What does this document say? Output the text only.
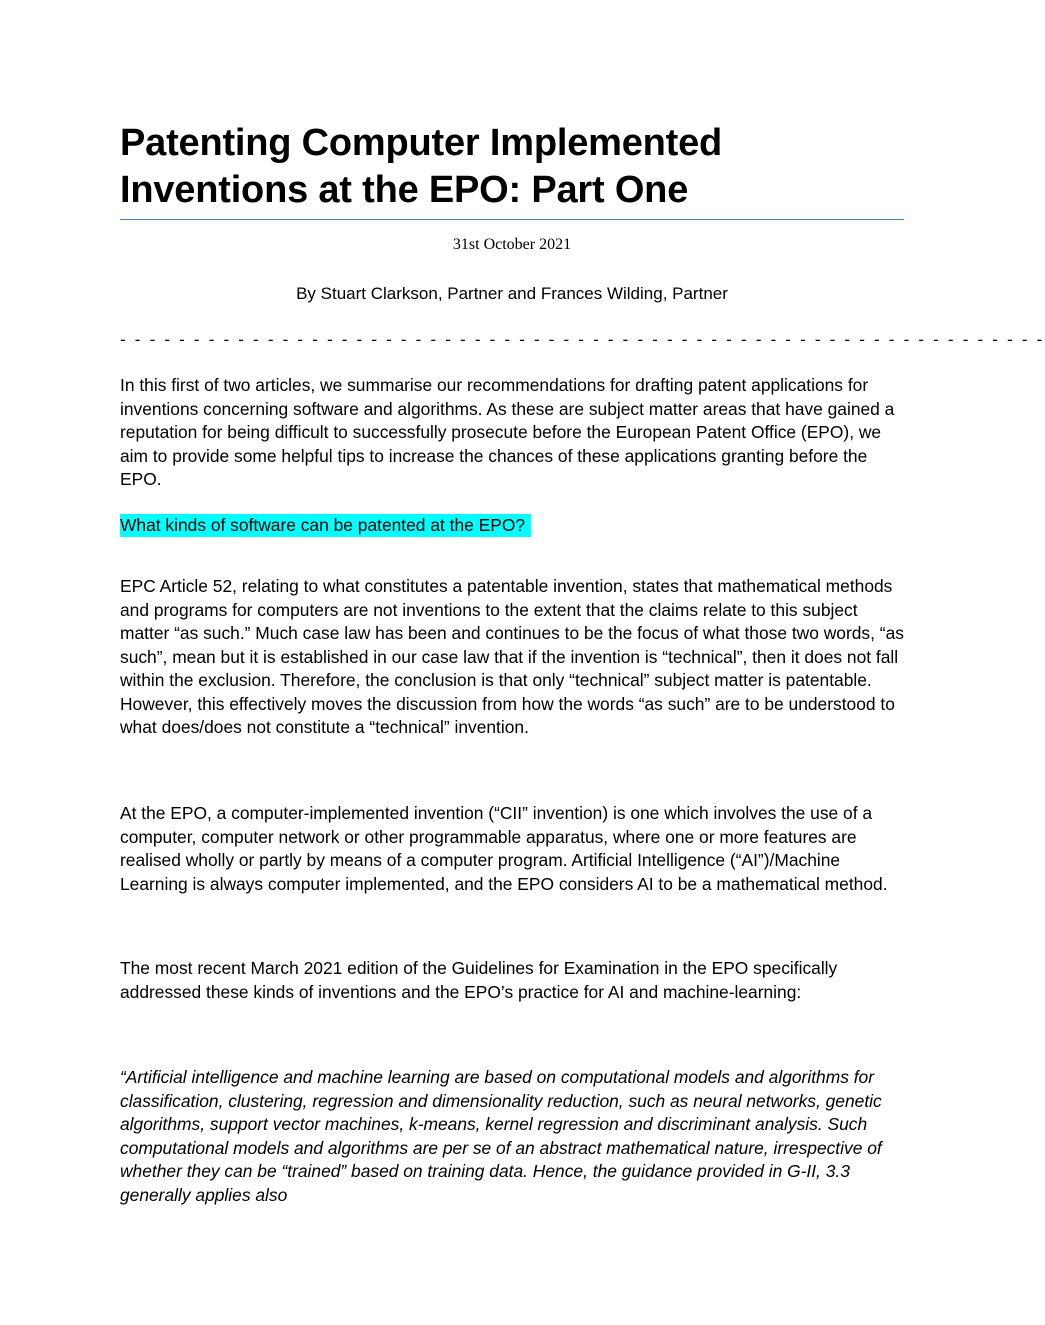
Patenting Computer Implemented
Inventions at the EPO: Part One
31st October 2021
By Stuart Clarkson, Partner and Frances Wilding, Partner
- - - - - - - - - - - - - - - - - - - - - - - - - - - - - - - - - - - - - - - - - - - - - - - - - - - - - - - - - - - - - - -

In this first of two articles, we summarise our recommendations for drafting patent applications for inventions concerning software and algorithms. As these are subject matter areas that have gained a reputation for being difficult to successfully prosecute before the European Patent Office (EPO), we aim to provide some helpful tips to increase the chances of these applications granting before the EPO.

What kinds of software can be patented at the EPO?

EPC Article 52, relating to what constitutes a patentable invention, states that mathematical methods and programs for computers are not inventions to the extent that the claims relate to this subject matter “as such.” Much case law has been and continues to be the focus of what those two words, “as such”, mean but it is established in our case law that if the invention is “technical”, then it does not fall within the exclusion. Therefore, the conclusion is that only “technical” subject matter is patentable. However, this effectively moves the discussion from how the words “as such” are to be understood to what does/does not constitute a “technical” invention.

At the EPO, a computer-implemented invention (“CII” invention) is one which involves the use of a computer, computer network or other programmable apparatus, where one or more features are realised wholly or partly by means of a computer program. Artificial Intelligence (“AI”)/Machine Learning is always computer implemented, and the EPO considers AI to be a mathematical method.

The most recent March 2021 edition of the Guidelines for Examination in the EPO specifically addressed these kinds of inventions and the EPO’s practice for AI and machine-learning:

“Artificial intelligence and machine learning are based on computational models and algorithms for classification, clustering, regression and dimensionality reduction, such as neural networks, genetic algorithms, support vector machines, k-means, kernel regression and discriminant analysis. Such computational models and algorithms are per se of an abstract mathematical nature, irrespective of whether they can be “trained” based on training data. Hence, the guidance provided in G-II, 3.3 generally applies also
